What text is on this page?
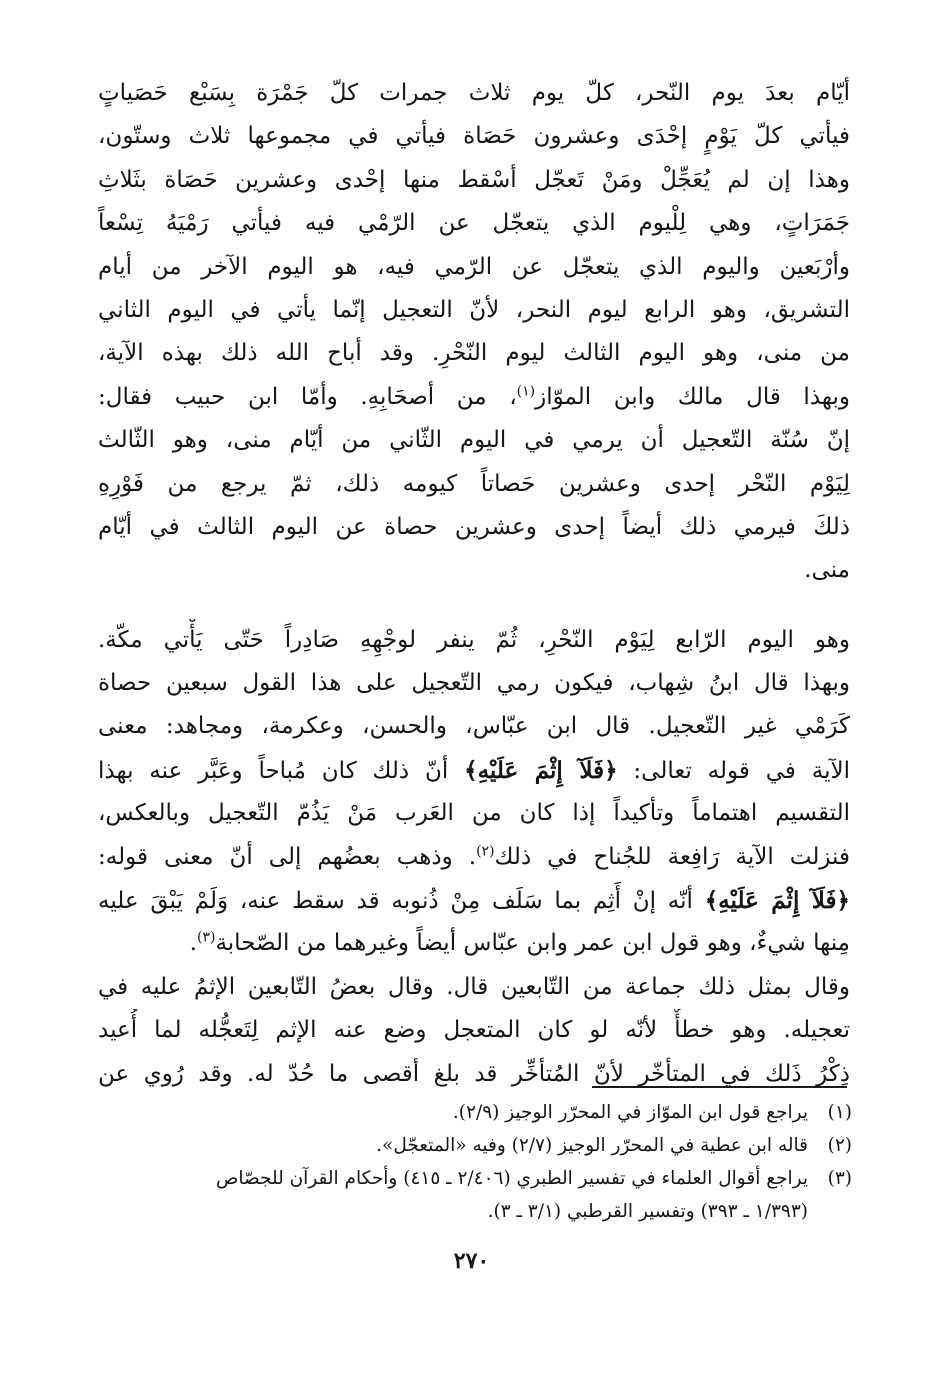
أيّام بعدَ يوم النّحر، كلّ يوم ثلاث جمرات كلّ جَمْرَة بِسَبْع حَصَياتٍ
فيأتي كلّ يَوْمٍ إحْدَى وعشرون حَصَاة فيأتي في مجموعها ثلاث وستّون،
وهذا إن لم يُعَجِّلْ ومَنْ تَعجّل أسْقط منها إحْدى وعشرين حَصَاة بثَلاثِ
جَمَرَاتٍ، وهي لِلْيوم الذي يتعجّل عن الرّمْي فيه فيأتي رَمْيَهُ تِسْعاً
وأرْبَعين واليوم الذي يتعجّل عن الرّمي فيه، هو اليوم الآخر من أيام
التشريق، وهو الرابع ليوم النحر، لأنّ التعجيل إنّما يأتي في اليوم الثاني
من منى، وهو اليوم الثالث ليوم النّحْرِ. وقد أباح الله ذلك بهذه الآية،
وبهذا قال مالك وابن الموّاز$^{(١)}$، من أصحَابِهِ. وأمّا ابن حبيب فقال:
إنّ سُنّة التّعجيل أن يرمي في اليوم الثّاني من أيّام منى، وهو الثّالث
لِيَوْم النّحْر إحدى وعشرين حَصاتاً كيومه ذلك، ثمّ يرجع من فَوْرِهِ
ذلكَ فيرمي ذلك أيضاً إحدى وعشرين حصاة عن اليوم الثالث في أيّام
منى.
وهو اليوم الرّابع لِيَوْم النّحْرِ، ثُمّ ينفر لوجْهِهِ صَادِراً حَتّى يَأْتي مكّة.
وبهذا قال ابنُ شِهاب، فيكون رمي التّعجيل على هذا القول سبعين حصاة
كَرَمْي غير التّعجيل. قال ابن عبّاس، والحسن، وعكرمة، ومجاهد: معنى
الآية في قوله تعالى: ﴿فَلَآ إِثْمَ عَلَيْهِ﴾ أنّ ذلك كان مُباحاً وعَبَّر عنه بهذا
التقسيم اهتماماً وتأكيداً إذا كان من العَرب مَنْ يَذُمّ التّعجيل وبالعكس،
فنزلت الآية رَافِعة للجُناح في ذلك$^{(٢)}$. وذهب بعضُهم إلى أنّ معنى قوله:
﴿فَلَآ إِثْمَ عَلَيْهِ﴾ أنّه إنْ أَثِم بما سَلَف مِنْ ذُنوبه قد سقط عنه، وَلَمْ يَبْقَ عليه
مِنها شيءٌ، وهو قول ابن عمر وابن عبّاس أيضاً وغيرهما من الصّحابة$^{(٣)}$.
وقال بمثل ذلك جماعة من التّابعين قال. وقال بعضُ التّابعين الإثمُ عليه في
تعجيله. وهو خطأٌ لأنّه لو كان المتعجل وضع عنه الإثم لِتَعجُّله لما أُعيد
ذِكْرُ ذَلك في المتأخّر لأنّ المُتأخِّر قد بلغ أقصى ما حُدّ له. وقد رُوي عن
(١)
يراجع قول ابن الموّاز في المحرّر الوجيز (٢/٩).
(٢)
قاله ابن عطية في المحرّر الوجيز (٢/٧) وفيه «المتعجّل».
(٣)
يراجع أقوال العلماء في تفسير الطبري (٢/٤٠٦ ـ ٤١٥) وأحكام القرآن للجصّاص
(١/٣٩٣ ـ ٣٩٣) وتفسير القرطبي (٣/١ ـ ٣).
٢٧٠
